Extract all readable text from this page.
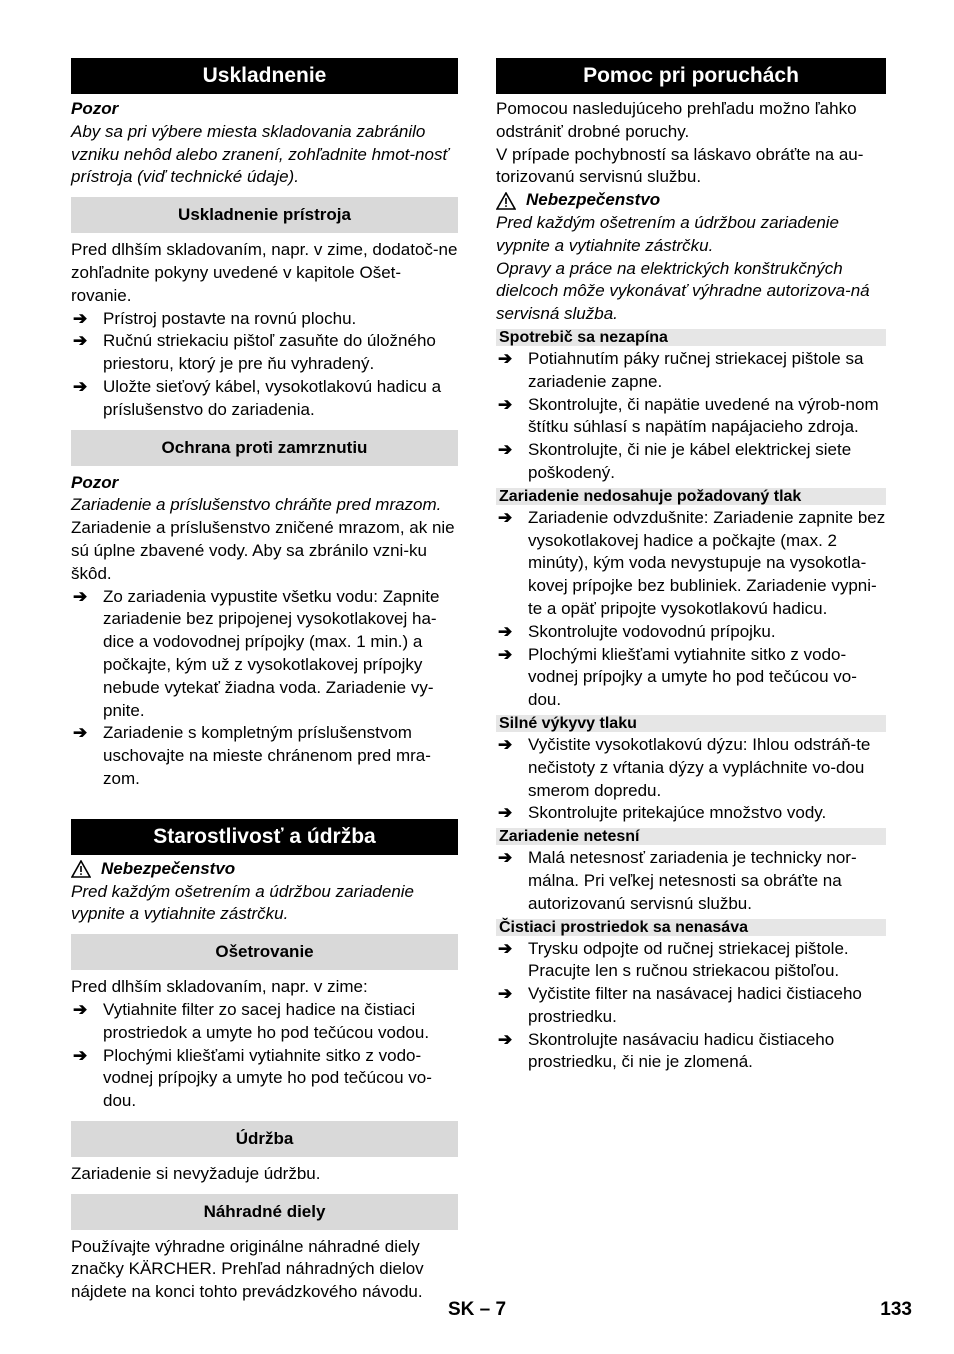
Uskladnenie
Pozor
Aby sa pri výbere miesta skladovania zabránilo vzniku nehôd alebo zranení, zohľadnite hmot-nosť prístroja (viď technické údaje).
Uskladnenie prístroja
Pred dlhším skladovaním, napr. v zime, dodatoč-ne zohľadnite pokyny uvedené v kapitole Ošet-rovanie.
➔ Prístroj postavte na rovnú plochu.
➔ Ručnú striekaciu pištoľ zasuňte do úložného priestoru, ktorý je pre ňu vyhradený.
➔ Uložte sieťový kábel, vysokotlakovú hadicu a príslušenstvo do zariadenia.
Ochrana proti zamrznutiu
Pozor
Zariadenie a príslušenstvo chráňte pred mrazom.
Zariadenie a príslušenstvo zničené mrazom, ak nie sú úplne zbavené vody. Aby sa zbránilo vzni-ku škôd.
➔ Zo zariadenia vypustite všetku vodu: Zapnite zariadenie bez pripojenej vysokotlakovej ha-dice a vodovodnej prípojky (max. 1 min.) a počkajte, kým už z vysokotlakovej prípojky nebude vytekať žiadna voda. Zariadenie vy-pnite.
➔ Zariadenie s kompletným príslušenstvom uschovajte na mieste chránenom pred mra-zom.
Starostlivosť a údržba
Nebezpečenstvo
Pred každým ošetrením a údržbou zariadenie vypnite a vytiahnite zástrčku.
Ošetrovanie
Pred dlhším skladovaním, napr. v zime:
➔ Vytiahnite filter zo sacej hadice na čistiaci prostriedok a umyte ho pod tečúcou vodou.
➔ Plochými kliešťami vytiahnite sitko z vodo-vodnej prípojky a umyte ho pod tečúcou vo-dou.
Údržba
Zariadenie si nevyžaduje údržbu.
Náhradné diely
Používajte výhradne originálne náhradné diely značky KÄRCHER. Prehľad náhradných dielov nájdete na konci tohto prevádzkového návodu.
Pomoc pri poruchách
Pomocou nasledujúceho prehľadu možno ľahko odstrániť drobné poruchy.
V prípade pochybností sa láskavo obráťte na au-torizovanú servisnú službu.
Nebezpečenstvo
Pred každým ošetrením a údržbou zariadenie vypnite a vytiahnite zástrčku.
Opravy a práce na elektrických konštrukčných dielcoch môže vykonávať výhradne autorizova-ná servisná služba.
Spotrebič sa nezapína
➔ Potiahnutím páky ručnej striekacej pištole sa zariadenie zapne.
➔ Skontrolujte, či napätie uvedené na výrob-nom štítku súhlasí s napätím napájacieho zdroja.
➔ Skontrolujte, či nie je kábel elektrickej siete poškodený.
Zariadenie nedosahuje požadovaný tlak
➔ Zariadenie odvzdušnite: Zariadenie zapnite bez vysokotlakovej hadice a počkajte (max. 2 minúty), kým voda nevystupuje na vysokotla-kovej prípojke bez bubliniek. Zariadenie vypni-te a opäť pripojte vysokotlakovú hadicu.
➔ Skontrolujte vodovodnú prípojku.
➔ Plochými kliešťami vytiahnite sitko z vodo-vodnej prípojky a umyte ho pod tečúcou vo-dou.
Silné výkyvy tlaku
➔ Vyčistite vysokotlakovú dýzu: Ihlou odstráň-te nečistoty z vŕtania dýzy a vypláchnite vo-dou smerom dopredu.
➔ Skontrolujte pritekajúce množstvo vody.
Zariadenie netesní
➔ Malá netesnosť zariadenia je technicky nor-málna. Pri veľkej netesnosti sa obráťte na autorizovanú servisnú službu.
Čistiaci prostriedok sa nenasáva
➔ Trysku odpojte od ručnej striekacej pištole. Pracujte len s ručnou striekacou pištoľou.
➔ Vyčistite filter na nasávacej hadici čistiaceho prostriedku.
➔ Skontrolujte nasávaciu hadicu čistiaceho prostriedku, či nie je zlomená.
SK – 7	133
